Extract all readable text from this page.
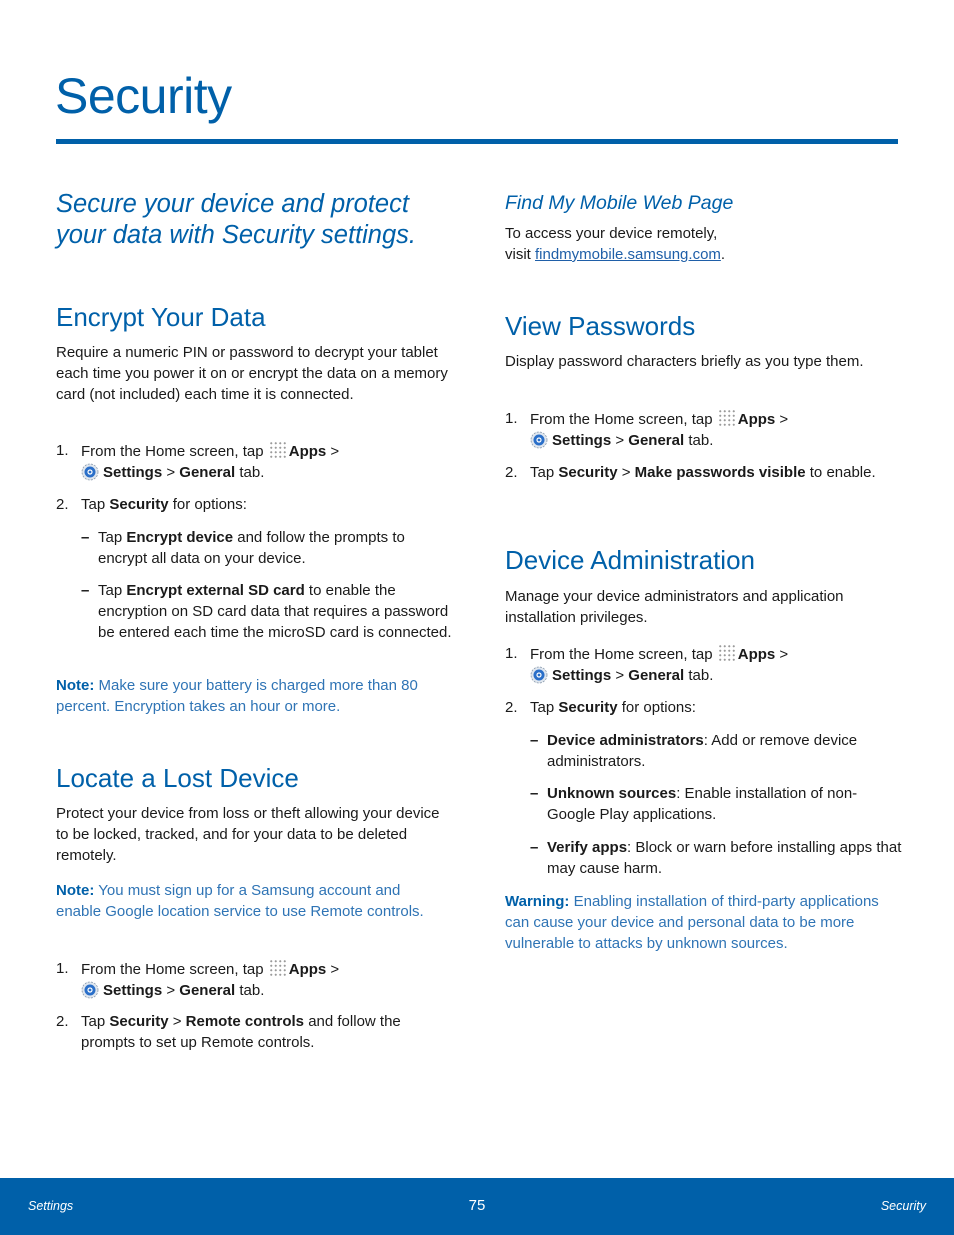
Security

Secure your device and protect
your data with Security settings.

Encrypt Your Data

Require a numeric PIN or password to decrypt your tablet each time you power it on or encrypt the data on a memory card (not included) each time it is connected.

1. From the Home screen, tap Apps >

Settings > General tab.
2. Tap Security for options:
– Tap Encrypt device and follow the prompts to encrypt all data on your device.
– Tap Encrypt external SD card to enable the encryption on SD card data that requires a password be entered each time the microSD card is connected.

Note: Make sure your battery is charged more than 80 percent. Encryption takes an hour or more.

Locate a Lost Device

Protect your device from loss or theft allowing your device to be locked, tracked, and for your data to be deleted remotely.

Note: You must sign up for a Samsung account and enable Google location service to use Remote controls.

1. From the Home screen, tap Apps >

Settings > General tab.
2. Tap Security > Remote controls and follow the prompts to set up Remote controls.
Find My Mobile Web Page

To access your device remotely,
visit findmymobile.samsung.com.

View Passwords

Display password characters briefly as you type them.

1. From the Home screen, tap Apps >

Settings > General tab.
2. Tap Security > Make passwords visible to enable.
Device Administration

Manage your device administrators and application installation privileges.

1. From the Home screen, tap Apps >

Settings > General tab.
2. Tap Security for options:
– Device administrators: Add or remove device administrators.
– Unknown sources: Enable installation of non-Google Play applications.
– Verify apps: Block or warn before installing apps that may cause harm.

Warning: Enabling installation of third-party applications can cause your device and personal data to be more vulnerable to attacks by unknown sources.

Settings	75	Security
